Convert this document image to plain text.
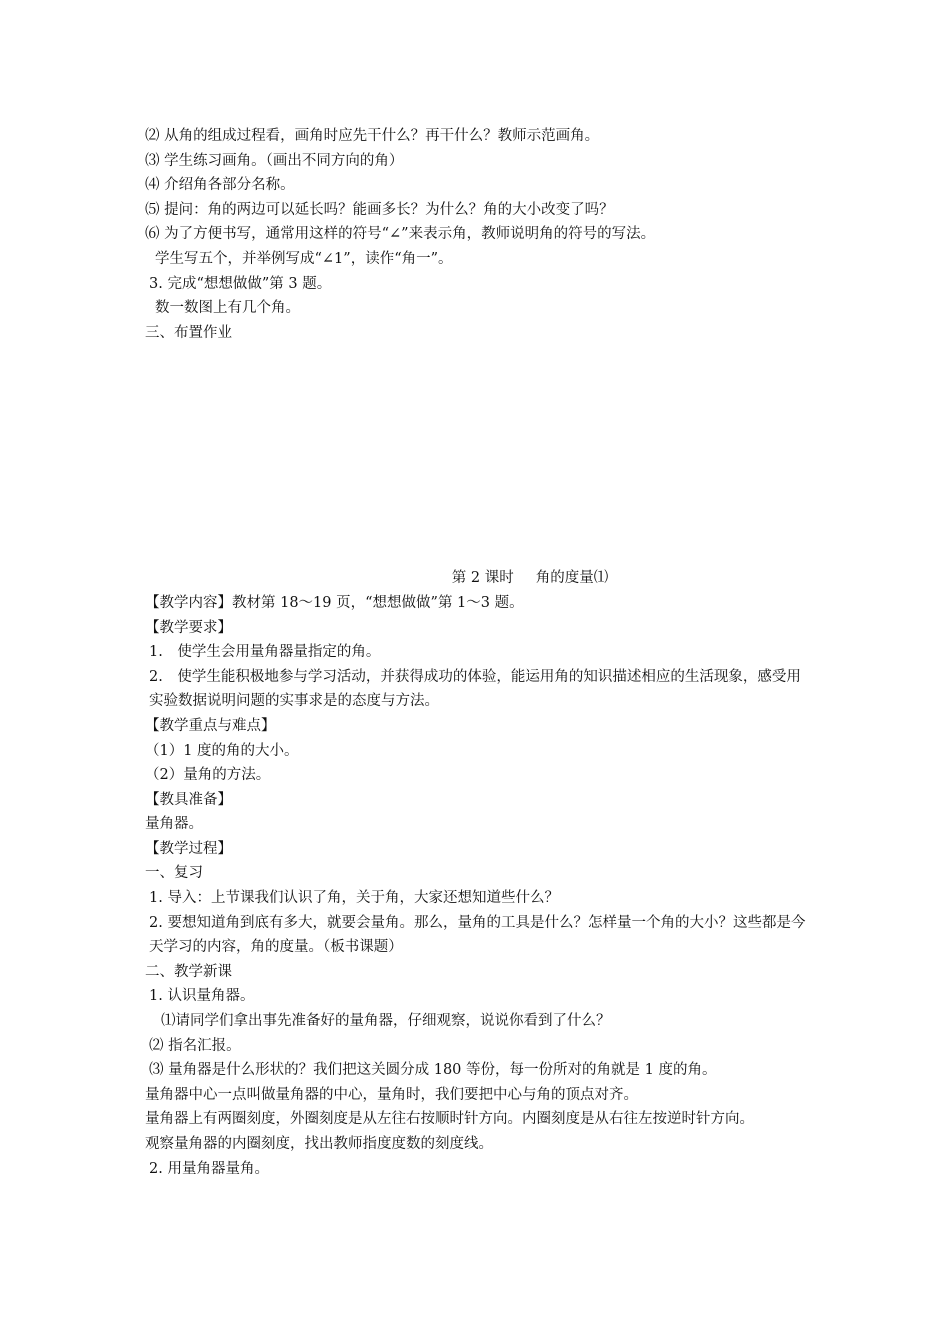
⑵ 从角的组成过程看，画角时应先干什么？再干什么？教师示范画角。
⑶ 学生练习画角。（画出不同方向的角）
⑷ 介绍角各部分名称。
⑸ 提问：角的两边可以延长吗？能画多长？为什么？角的大小改变了吗？
⑹ 为了方便书写，通常用这样的符号“∠”来表示角，教师说明角的符号的写法。
学生写五个，并举例写成“∠1”，读作“角一”。
3. 完成“想想做做”第 3 题。
数一数图上有几个角。
三、布置作业
第 2 课时 角的度量⑴
【教学内容】教材第 18～19 页，“想想做做”第 1～3 题。
【教学要求】
1.　使学生会用量角器量指定的角。
2.　使学生能积极地参与学习活动，并获得成功的体验，能运用角的知识描述相应的生活现象，感受用实验数据说明问题的实事求是的态度与方法。
【教学重点与难点】
（1）1 度的角的大小。
（2）量角的方法。
【教具准备】
量角器。
【教学过程】
一、复习
1. 导入：上节课我们认识了角，关于角，大家还想知道些什么？
2. 要想知道角到底有多大，就要会量角。那么，量角的工具是什么？怎样量一个角的大小？这些都是今天学习的内容，角的度量。（板书课题）
二、教学新课
1. 认识量角器。
⑴请同学们拿出事先准备好的量角器，仔细观察，说说你看到了什么？
⑵ 指名汇报。
⑶ 量角器是什么形状的？我们把这关圆分成 180 等份，每一份所对的角就是 1 度的角。
量角器中心一点叫做量角器的中心，量角时，我们要把中心与角的顶点对齐。
量角器上有两圈刻度，外圈刻度是从左往右按顺时针方向。内圈刻度是从右往左按逆时针方向。
观察量角器的内圈刻度，找出教师指度度数的刻度线。
2. 用量角器量角。
